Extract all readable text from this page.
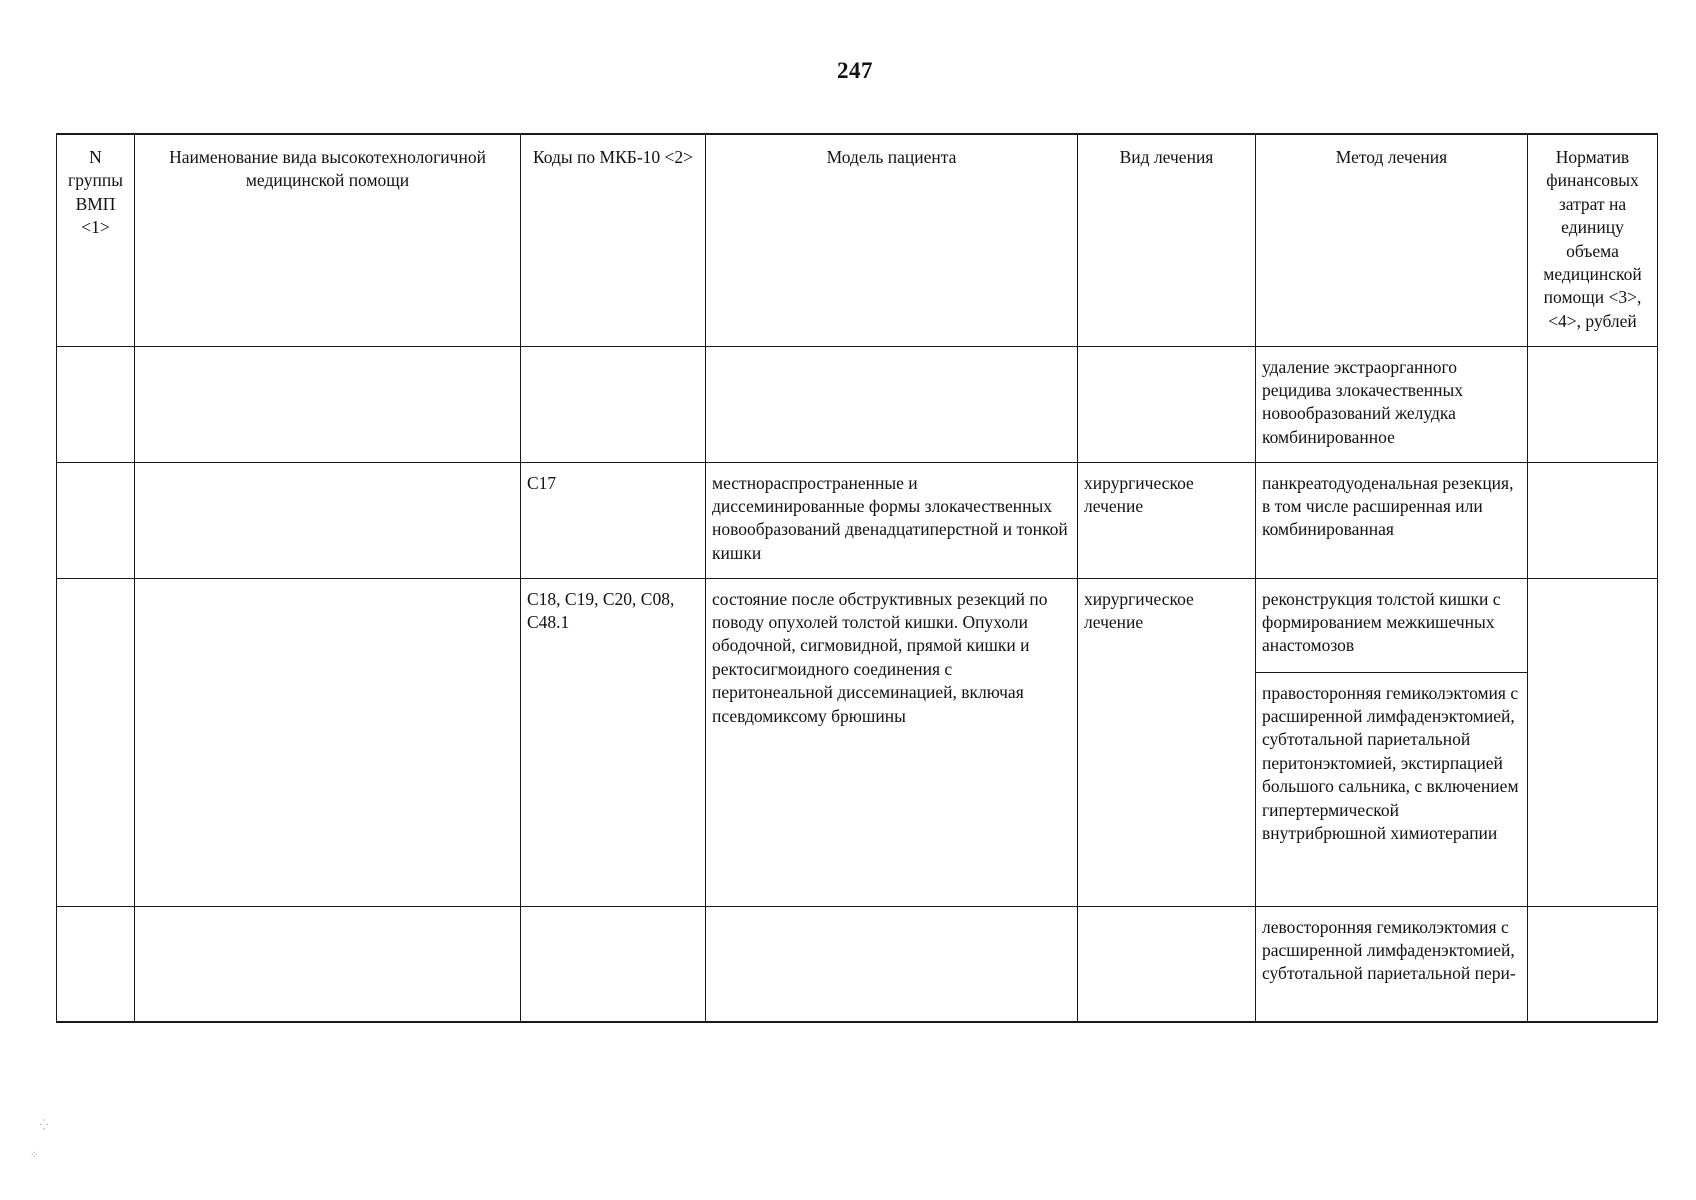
247
N группы ВМП <1>	Наименование вида высокотехнологичной медицинской помощи	Коды по МКБ-10 <2>	Модель пациента	Вид лечения	Метод лечения	Норматив финансовых затрат на единицу объема медицинской помощи <3>, <4>, рублей
					удаление экстраорганного рецидива злокачественных новообразований желудка комбинированное	
		C17	местнораспространенные и диссеминированные формы злокачественных новообразований двенадцатиперстной и тонкой кишки	хирургическое лечение	панкреатодуоденальная резекция, в том числе расширенная или комбинированная	
		C18, C19, C20, C08, C48.1	состояние после обструктивных резекций по поводу опухолей толстой кишки. Опухоли ободочной, сигмовидной, прямой кишки и ректосигмоидного соединения с перитонеальной диссеминацией, включая псевдомиксому брюшины	хирургическое лечение	реконструкция толстой кишки с формированием межкишечных анастомозов	
					правосторонняя гемиколэктомия с расширенной лимфаденэктомией, субтотальной париетальной перитонэктомией, экстирпацией большого сальника, с включением гипертермической внутрибрюшной химиотерапии	
					левосторонняя гемиколэктомия с расширенной лимфаденэктомией, субтотальной париетальной пери-	
⁛
⁘
